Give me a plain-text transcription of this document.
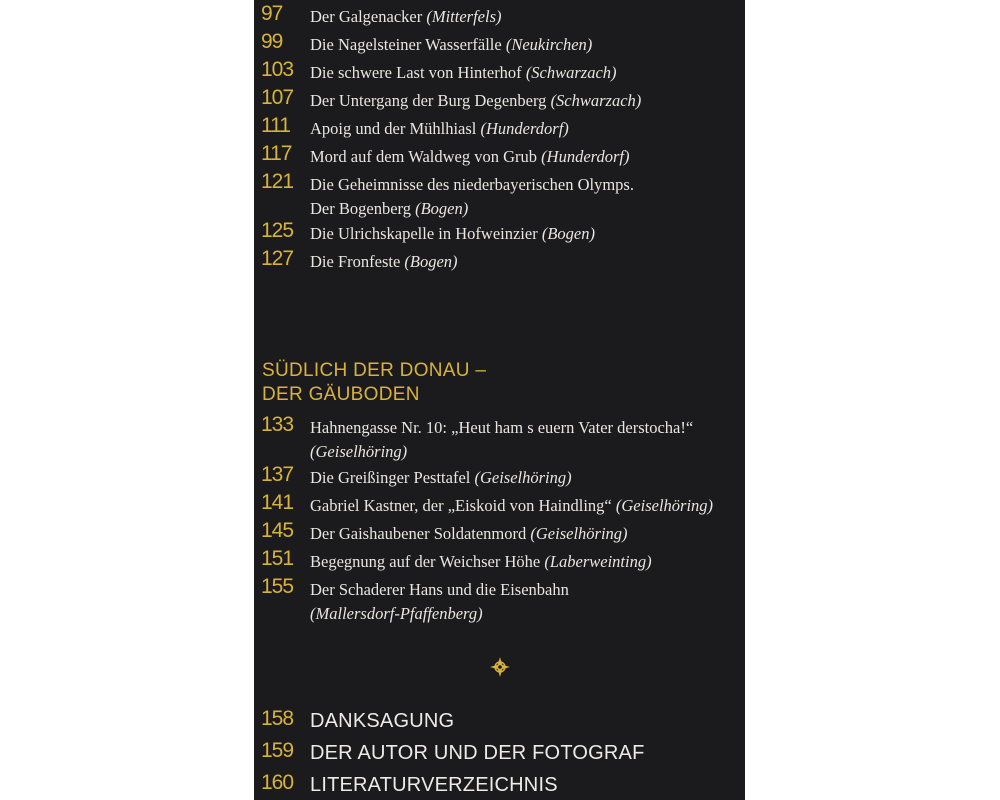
97 Der Galgenacker (Mitterfels)
99 Die Nagelsteiner Wasserfälle (Neukirchen)
103 Die schwere Last von Hinterhof (Schwarzach)
107 Der Untergang der Burg Degenberg (Schwarzach)
111 Apoig und der Mühlhiasl (Hunderdorf)
117 Mord auf dem Waldweg von Grub (Hunderdorf)
121 Die Geheimnisse des niederbayerischen Olymps.
Der Bogenberg (Bogen)
125 Die Ulrichskapelle in Hofweinzier (Bogen)
127 Die Fronfeste (Bogen)
SÜDLICH DER DONAU –
DER GÄUBODEN
133 Hahnengasse Nr. 10: „Heut ham s euern Vater derstocha!“
(Geiselhöring)
137 Die Greißinger Pesttafel (Geiselhöring)
141 Gabriel Kastner, der „Eiskoid von Haindling“ (Geiselhöring)
145 Der Gaishaubener Soldatenmord (Geiselhöring)
151 Begegnung auf der Weichser Höhe (Laberweinting)
155 Der Schaderer Hans und die Eisenbahn
(Mallersdorf-Pfaffenberg)
158 DANKSAGUNG
159 DER AUTOR UND DER FOTOGRAF
160 LITERATURVERZEICHNIS
